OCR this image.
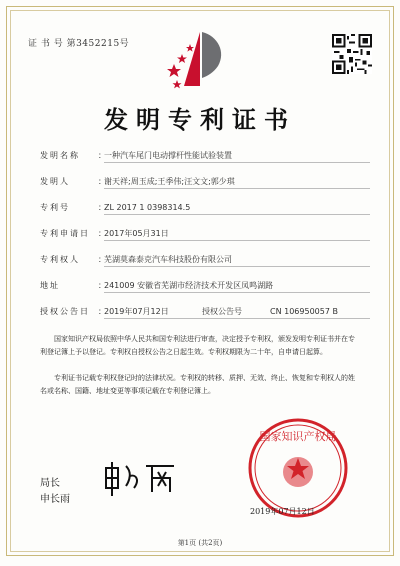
证 书 号 第3452215号
发明专利证书
发明名称	：
一种汽车尾门电动撑杆性能试验装置
发明人	：
谢天祥;周玉成;王季伟;汪文文;郭少琪
专利号	：
ZL 2017 1 0398314.5
专利申请日	：
2017年05月31日
专利权人	：
芜湖莫森泰克汽车科技股份有限公司
地址	：
241009 安徽省芜湖市经济技术开发区凤鸣湖路
授权公告日	：
2019年07月12日	授权公告号	CN 106950057 B
国家知识产权局依照中华人民共和国专利法进行审查，决定授予专利权，颁发发明专利证书并在专利登记簿上予以登记。专利权自授权公告之日起生效。专利权期限为二十年，自申请日起算。
专利证书记载专利权登记时的法律状况。专利权的转移、质押、无效、终止、恢复和专利权人的姓名或名称、国籍、地址变更等事项记载在专利登记簿上。
局长
申长雨
国家知识产权局
2019年07月12日
第1页 (共2页)
